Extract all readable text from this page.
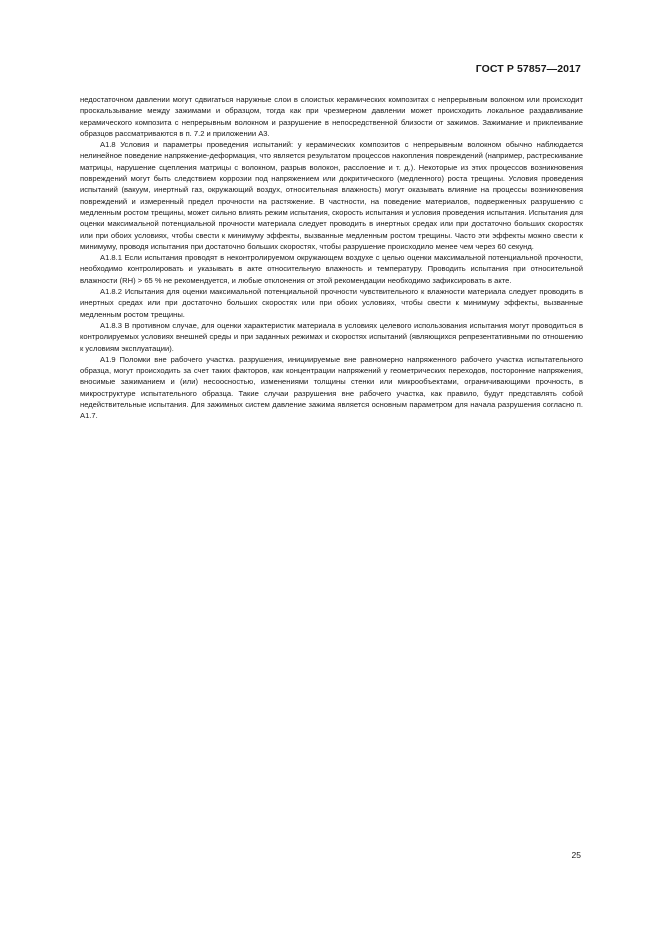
ГОСТ Р 57857—2017

недостаточном давлении могут сдвигаться наружные слои в слоистых керамических композитах с непрерывным волокном или происходит проскальзывание между зажимами и образцом, тогда как при чрезмерном давлении может происходить локальное раздавливание керамического композита с непрерывным волокном и разрушение в непосредственной близости от зажимов. Зажимание и приклеивание образцов рассматриваются в п. 7.2 и приложении А3.

А1.8 Условия и параметры проведения испытаний: у керамических композитов с непрерывным волокном обычно наблюдается нелинейное поведение напряжение-деформация, что является результатом процессов накопления повреждений (например, растрескивание матрицы, нарушение сцепления матрицы с волокном, разрыв волокон, расслоение и т. д.). Некоторые из этих процессов возникновения повреждений могут быть следствием коррозии под напряжением или докритического (медленного) роста трещины. Условия проведения испытаний (вакуум, инертный газ, окружающий воздух, относительная влажность) могут оказывать влияние на процессы возникновения повреждений и измеренный предел прочности на растяжение. В частности, на поведение материалов, подверженных разрушению с медленным ростом трещины, может сильно влиять режим испытания, скорость испытания и условия проведения испытания. Испытания для оценки максимальной потенциальной прочности материала следует проводить в инертных средах или при достаточно больших скоростях или при обоих условиях, чтобы свести к минимуму эффекты, вызванные медленным ростом трещины. Часто эти эффекты можно свести к минимуму, проводя испытания при достаточно больших скоростях, чтобы разрушение происходило менее чем через 60 секунд.

А1.8.1 Если испытания проводят в неконтролируемом окружающем воздухе с целью оценки максимальной потенциальной прочности, необходимо контролировать и указывать в акте относительную влажность и температуру. Проводить испытания при относительной влажности (RH) > 65 % не рекомендуется, и любые отклонения от этой рекомендации необходимо зафиксировать в акте.

А1.8.2 Испытания для оценки максимальной потенциальной прочности чувствительного к влажности материала следует проводить в инертных средах или при достаточно больших скоростях или при обоих условиях, чтобы свести к минимуму эффекты, вызванные медленным ростом трещины.

А1.8.3 В противном случае, для оценки характеристик материала в условиях целевого использования испытания могут проводиться в контролируемых условиях внешней среды и при заданных режимах и скоростях испытаний (являющихся репрезентативными по отношению к условиям эксплуатации).

А1.9 Поломки вне рабочего участка. разрушения, инициируемые вне равномерно напряженного рабочего участка испытательного образца, могут происходить за счет таких факторов, как концентрации напряжений у геометрических переходов, посторонние напряжения, вносимые зажиманием и (или) несоосностью, изменениями толщины стенки или микрообъектами, ограничивающими прочность, в микроструктуре испытательного образца. Такие случаи разрушения вне рабочего участка, как правило, будут представлять собой недействительные испытания. Для зажимных систем давление зажима является основным параметром для начала разрушения согласно п. А1.7.

25
